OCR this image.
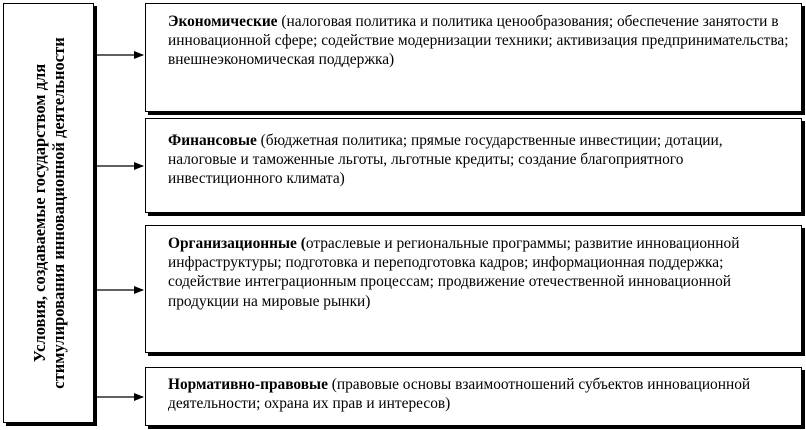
Условия, создаваемые государством для стимулирования инновационной деятельности
Экономические (налоговая политика и политика ценообразования; обеспечение занятости в инновационной сфере; содействие модернизации техники; активизация предпринимательства; внешнеэкономическая поддержка)
Финансовые (бюджетная политика; прямые государственные инвестиции; дотации, налоговые и таможенные льготы, льготные кредиты; создание благоприятного инвестиционного климата)
Организационные (отраслевые и региональные программы; развитие инновационной инфраструктуры; подготовка и переподготовка кадров; информационная поддержка; содействие интеграционным процессам; продвижение отечественной инновационной продукции на мировые рынки)
Нормативно-правовые (правовые основы взаимоотношений субъектов инновационной деятельности; охрана их прав и интересов)
